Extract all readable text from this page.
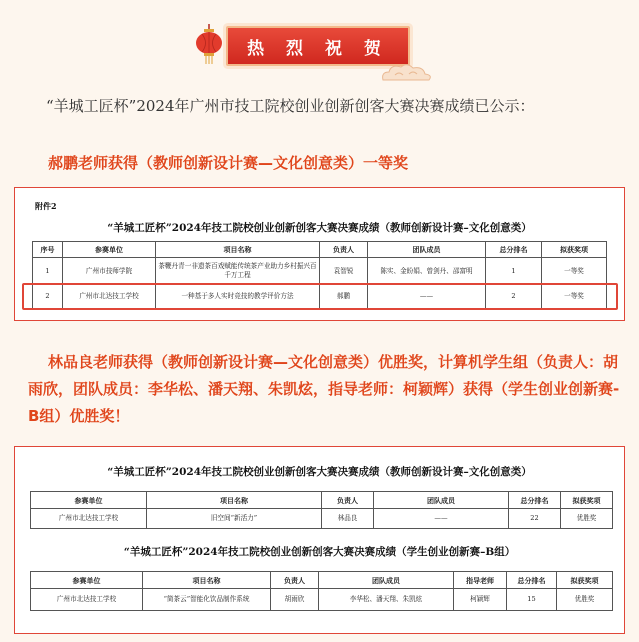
热 烈 祝 贺

“羊城工匠杯”2024年广州市技工院校创业创新创客大赛决赛成绩已公示：

郝鹏老师获得（教师创新设计赛—文化创意类）一等奖

附件2
“羊城工匠杯”2024年技工院校创业创新创客大赛决赛成绩（教师创新设计赛–文化创意类）
序号	参赛单位	项目名称	负责人	团队成员	总分排名	拟获奖项
1	广州市技师学院	茶鞭丹青一非遗茶百戏赋能传统茶产业助力乡村振兴百千万工程	袁智锐	陈实、金盼娟、曾剑丹、邵富明	1	一等奖
2	广州市北达技工学校	一种基于多人实时竞技的教学评价方法	郝鹏	——	2	一等奖

林品良老师获得（教师创新设计赛—文化创意类）优胜奖，计算机学生组（负责人：胡雨欣，团队成员：李华松、潘天翔、朱凯炫，指导老师：柯颖辉）获得（学生创业创新赛-B组）优胜奖！

“羊城工匠杯”2024年技工院校创业创新创客大赛决赛成绩（教师创新设计赛–文化创意类）
参赛单位	项目名称	负责人	团队成员	总分排名	拟获奖项
广州市北达技工学校	旧空间“新活力”	林品良	——	22	优胜奖
“羊城工匠杯”2024年技工院校创业创新创客大赛决赛成绩（学生创业创新赛–B组）
参赛单位	项目名称	负责人	团队成员	指导老师	总分排名	拟获奖项
广州市北达技工学校	“简茶云”智能化饮品制作系统	胡雨欣	李华松、潘天翔、朱凯炫	柯颖辉	15	优胜奖
